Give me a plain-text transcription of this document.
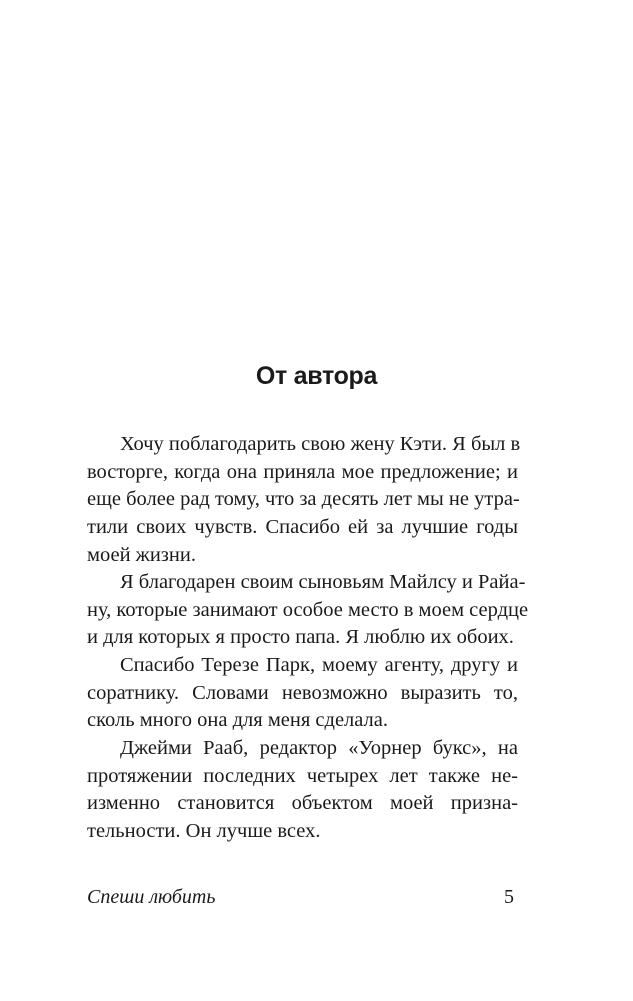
От автора
Хочу поблагодарить свою жену Кэти. Я был в
восторге, когда она приняла мое предложение; и
еще более рад тому, что за десять лет мы не утра-
тили своих чувств. Спасибо ей за лучшие годы
моей жизни.
Я благодарен своим сыновьям Майлсу и Райа-
ну, которые занимают особое место в моем сердце
и для которых я просто папа. Я люблю их обоих.
Спасибо Терезе Парк, моему агенту, другу и
соратнику. Словами невозможно выразить то,
сколь много она для меня сделала.
Джейми Рааб, редактор «Уорнер букс», на
протяжении последних четырех лет также не-
изменно становится объектом моей призна-
тельности. Он лучше всех.
Спеши любить	5
